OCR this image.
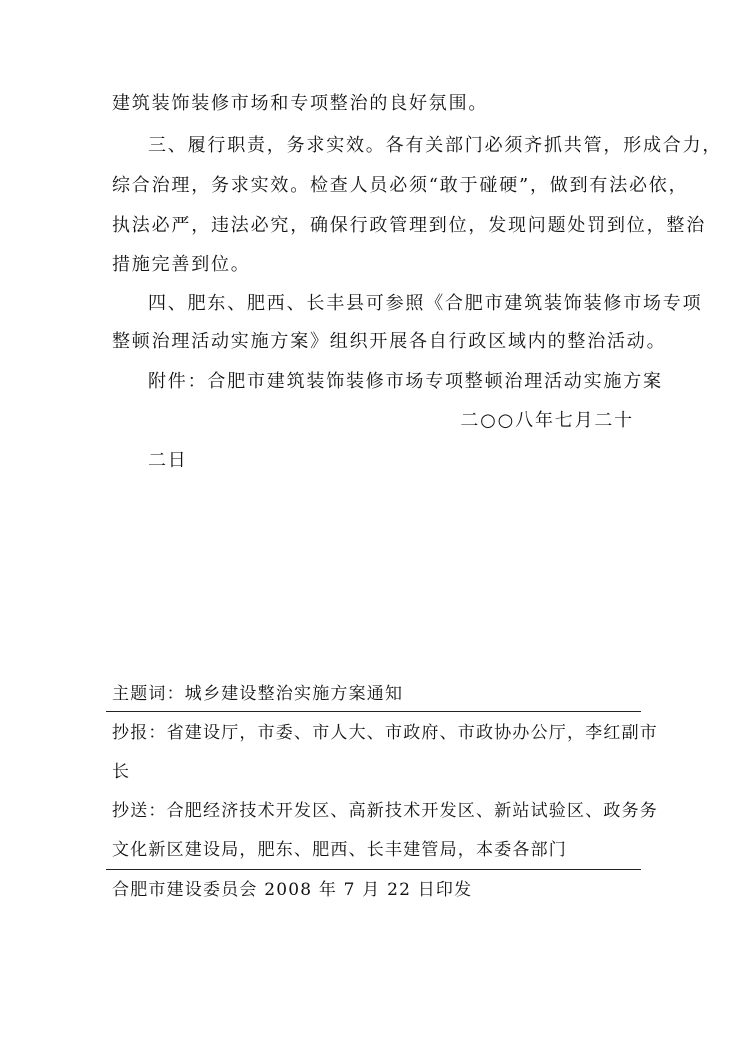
建筑装饰装修市场和专项整治的良好氛围。
三、履行职责，务求实效。各有关部门必须齐抓共管，形成合力，
综合治理，务求实效。检查人员必须“敢于碰硬”，做到有法必依，
执法必严，违法必究，确保行政管理到位，发现问题处罚到位，整治
措施完善到位。
四、肥东、肥西、长丰县可参照《合肥市建筑装饰装修市场专项
整顿治理活动实施方案》组织开展各自行政区域内的整治活动。
附件：合肥市建筑装饰装修市场专项整顿治理活动实施方案
二○○八年七月二十
二日
主题词：城乡建设整治实施方案通知
抄报：省建设厅，市委、市人大、市政府、市政协办公厅，李红副市
长
抄送：合肥经济技术开发区、高新技术开发区、新站试验区、政务务
文化新区建设局，肥东、肥西、长丰建管局，本委各部门
合肥市建设委员会 2008 年 7 月 22 日印发
